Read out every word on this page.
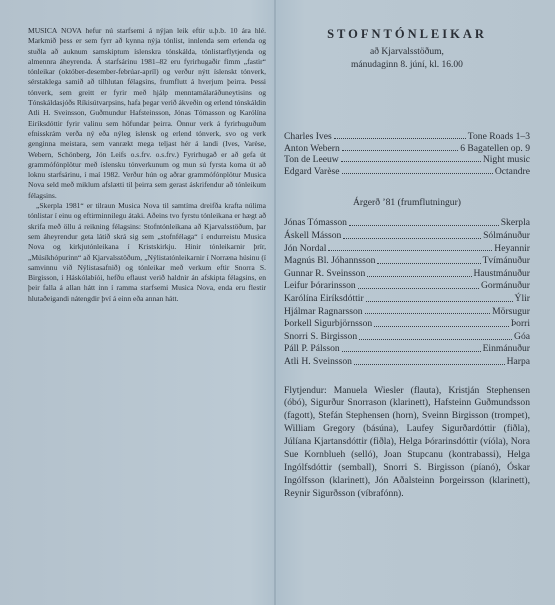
MUSICA NOVA hefur nú starfsemi á nýjan leik eftir u.þ.b. 10 ára hlé. Markmið þess er sem fyrr að kynna nýja tónlist, innlenda sem erlenda og stuðla að auknum samskiptum íslenskra tónskálda, tónlistarflytjenda og almennra áheyrenda. Á starfsárinu 1981–82 eru fyrirhugaðir fimm „fastir“ tónleikar (október-desember-febrúar-apríl) og verður nýtt íslenskt tónverk, sérstaklega samið að tilhlutan félagsins, frumflutt á hverjum þeirra. Þessi tónverk, sem greitt er fyrir með hjálp menntamálaráðuneytisins og Tónskáldasjóðs Ríkisútvarpsins, hafa þegar verið ákveðin og erlend tónskáldin Atli H. Sveinsson, Guðmundur Hafsteinsson, Jónas Tómasson og Karólína Eiríksdóttir fyrir valinu sem höfundar þeirra. Önnur verk á fyrirhuguðum efnisskrám verða ný eða nýleg íslensk og erlend tónverk, svo og verk genginna meistara, sem vanrækt mega teljast hér á landi (Ives, Varèse, Webern, Schönberg, Jón Leifs o.s.frv. o.s.frv.) Fyrirhugað er að gefa út grammófónplötur með íslensku tónverkunum og mun sú fyrsta koma út að loknu starfsárinu, í maí 1982. Verður hún og aðrar grammófónplötur Musica Nova seld með miklum afslætti til þeirra sem gerast áskrifendur að tónleikum félagsins.

„Skerpla 1981“ er tilraun Musica Nova til samtíma dreifða krafta núlima tónlistar í einu og eftirminnilegu átaki. Aðeins tvo fyrstu tónleikana er hægt að skrifa með öllu á reikning félagsins: Stofntónleikana að Kjarvalsstöðum, þar sem áheyrendur geta látið skrá sig sem „stofnfélaga“ í endurreistu Musica Nova og kirkjutónleikana í Kristskirkju. Hinir tónleikarnir þrír, „Músíkhópurinn“ að Kjarvalsstöðum, „Nýlistatónleikarnir í Norræna húsinu (í samvinnu við Nýlistasafnið) og tónleikar með verkum eftir Snorra S. Birgisson, í Háskólabíói, hefðu eflaust verið haldnir án afskipta félagsins, en þeir falla á allan hátt inn í ramma starfsemi Musica Nova, enda eru flestir hlutaðeigandi nátengdir því á einn eða annan hátt.

STOFNTÓNLEIKAR

að Kjarvalsstöðum,

mánudaginn 8. júní, kl. 16.00

Charles Ives	Tone Roads 1–3
Anton Webern	6 Bagatellen op. 9
Ton de Leeuw	Night music
Edgard Varèse	Octandre
Árgerð ’81 (frumflutningur)
Jónas Tómasson	Skerpla
Áskell Másson	Sólmánuður
Jón Nordal	Heyannir
Magnús Bl. Jóhannsson	Tvímánuður
Gunnar R. Sveinsson	Haustmánuður
Leifur Þórarinsson	Gormánuður
Karólína Eiríksdóttir	Ýlir
Hjálmar Ragnarsson	Mörsugur
Þorkell Sigurbjörnsson	Þorri
Snorri S. Birgisson	Góa
Páll P. Pálsson	Einmánuður
Atli H. Sveinsson	Harpa

Flytjendur: Manuela Wiesler (flauta), Kristján Stephensen (óbó), Sigurður Snorrason (klarinett), Hafsteinn Guðmundsson (fagott), Stefán Stephensen (horn), Sveinn Birgisson (trompet), William Gregory (básúna), Laufey Sigurðardóttir (fiðla), Júlíana Kjartansdóttir (fiðla), Helga Þórarinsdóttir (víóla), Nora Sue Kornblueh (selló), Joan Stupcanu (kontrabassi), Helga Ingólfsdóttir (semball), Snorri S. Birgisson (píanó), Óskar Ingólfsson (klarinett), Jón Aðalsteinn Þorgeirsson (klarinett), Reynir Sigurðsson (víbrafónn).
